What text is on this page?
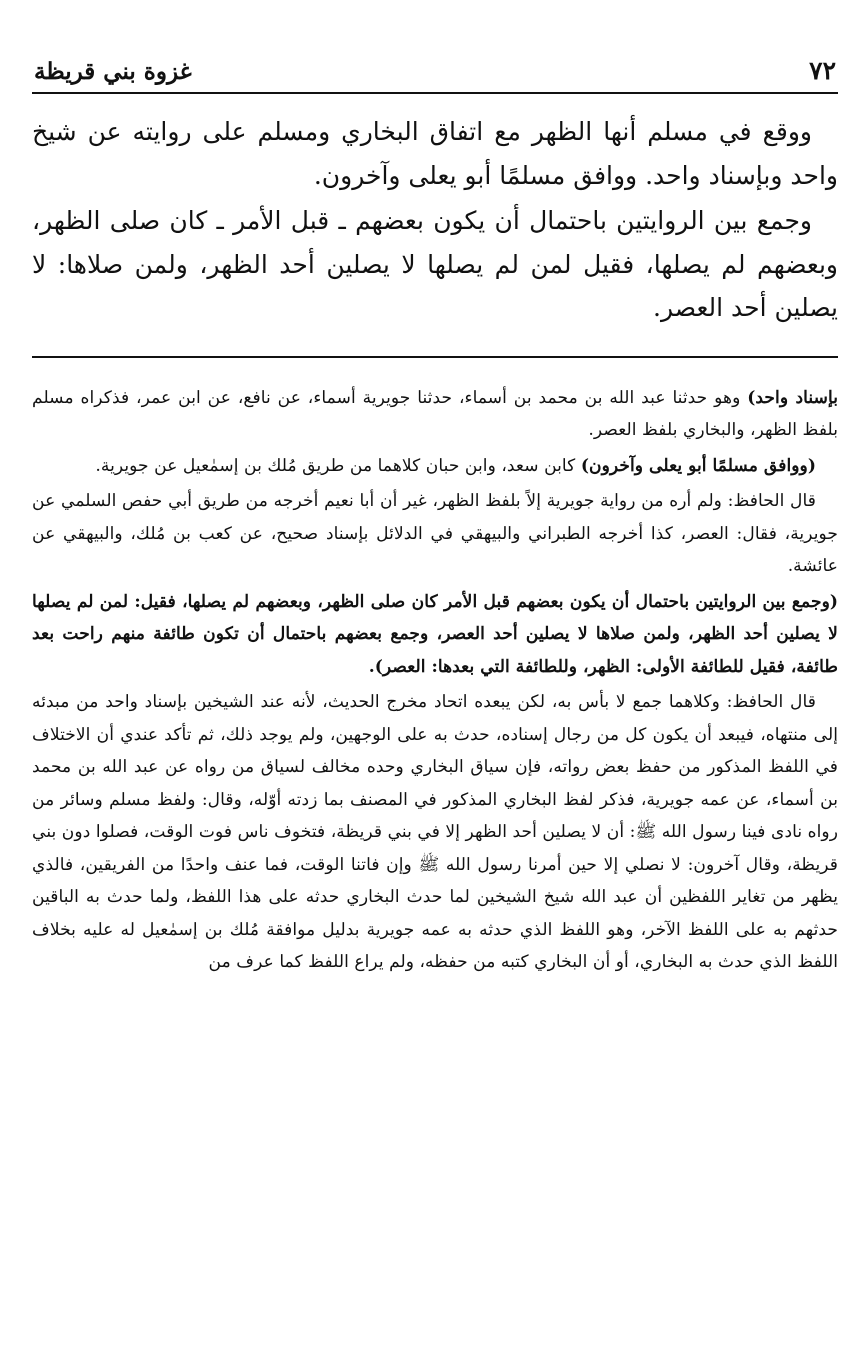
غزوة بني قريظة	٧٢

ووقع في مسلم أنها الظهر مع اتفاق البخاري ومسلم على روايته عن شيخ واحد وبإسناد واحد. ووافق مسلمًا أبو يعلى وآخرون.

وجمع بين الروايتين باحتمال أن يكون بعضهم ـ قبل الأمر ـ كان صلى الظهر، وبعضهم لم يصلها، فقيل لمن لم يصلها لا يصلين أحد الظهر، ولمن صلاها: لا يصلين أحد العصر.

بإسناد واحد) وهو حدثنا عبد الله بن محمد بن أسماء، حدثنا جويرية أسماء، عن نافع، عن ابن عمر، فذكراه مسلم بلفظ الظهر، والبخاري بلفظ العصر.

(ووافق مسلمًا أبو يعلى وآخرون) كابن سعد، وابن حبان كلاهما من طريق مُلك بن إسمٰعيل عن جويرية.

قال الحافظ: ولم أره من رواية جويرية إلاً بلفظ الظهر، غير أن أبا نعيم أخرجه من طريق أبي حفص السلمي عن جويرية، فقال: العصر، كذا أخرجه الطبراني والبيهقي في الدلائل بإسناد صحيح، عن كعب بن مُلك، والبيهقي عن عائشة.

(وجمع بين الروايتين باحتمال أن يكون بعضهم قبل الأمر كان صلى الظهر، وبعضهم لم يصلها، فقيل: لمن لم يصلها لا يصلين أحد الظهر، ولمن صلاها لا يصلين أحد العصر، وجمع بعضهم باحتمال أن تكون طائفة منهم راحت بعد طائفة، فقيل للطائفة الأولى: الظهر، وللطائفة التي بعدها: العصر).

قال الحافظ: وكلاهما جمع لا بأس به، لكن يبعده اتحاد مخرج الحديث، لأنه عند الشيخين بإسناد واحد من مبدئه إلى منتهاه، فيبعد أن يكون كل من رجال إسناده، حدث به على الوجهين، ولم يوجد ذلك، ثم تأكد عندي أن الاختلاف في اللفظ المذكور من حفظ بعض رواته، فإن سياق البخاري وحده مخالف لسياق من رواه عن عبد الله بن محمد بن أسماء، عن عمه جويرية، فذكر لفظ البخاري المذكور في المصنف بما زدته أوّله، وقال: ولفظ مسلم وسائر من رواه نادى فينا رسول الله ﷺ: أن لا يصلين أحد الظهر إلا في بني قريظة، فتخوف ناس فوت الوقت، فصلوا دون بني قريظة، وقال آخرون: لا نصلي إلا حين أمرنا رسول الله ﷺ وإن فاتنا الوقت، فما عنف واحدًا من الفريقين، فالذي يظهر من تغاير اللفظين أن عبد الله شيخ الشيخين لما حدث البخاري حدثه على هذا اللفظ، ولما حدث به الباقين حدثهم به على اللفظ الآخر، وهو اللفظ الذي حدثه به عمه جويرية بدليل موافقة مُلك بن إسمٰعيل له عليه بخلاف اللفظ الذي حدث به البخاري، أو أن البخاري كتبه من حفظه، ولم يراع اللفظ كما عرف من
